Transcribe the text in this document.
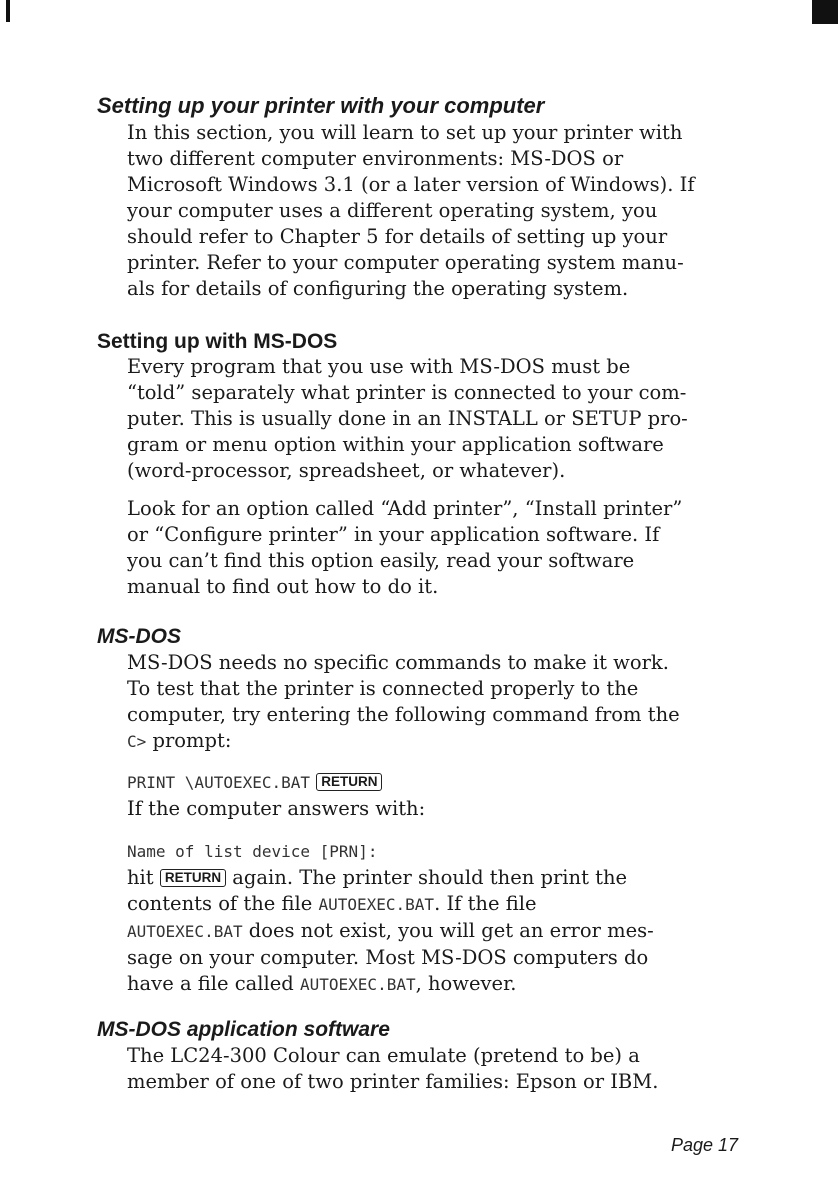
Setting up your printer with your computer

In this section, you will learn to set up your printer with
two different computer environments: MS-DOS or
Microsoft Windows 3.1 (or a later version of Windows). If
your computer uses a different operating system, you
should refer to Chapter 5 for details of setting up your
printer. Refer to your computer operating system manu-
als for details of configuring the operating system.

Setting up with MS-DOS

Every program that you use with MS-DOS must be
“told” separately what printer is connected to your com-
puter. This is usually done in an INSTALL or SETUP pro-
gram or menu option within your application software
(word-processor, spreadsheet, or whatever).

Look for an option called “Add printer”, “Install printer”
or “Configure printer” in your application software. If
you can’t find this option easily, read your software
manual to find out how to do it.

MS-DOS

MS-DOS needs no specific commands to make it work.
To test that the printer is connected properly to the
computer, try entering the following command from the
C> prompt:

PRINT \AUTOEXEC.BAT RETURN
If the computer answers with:

Name of list device [PRN]:
hit RETURN again. The printer should then print the
contents of the file AUTOEXEC.BAT. If the file
AUTOEXEC.BAT does not exist, you will get an error mes-
sage on your computer. Most MS-DOS computers do
have a file called AUTOEXEC.BAT, however.

MS-DOS application software

The LC24-300 Colour can emulate (pretend to be) a
member of one of two printer families: Epson or IBM.

Page 17
